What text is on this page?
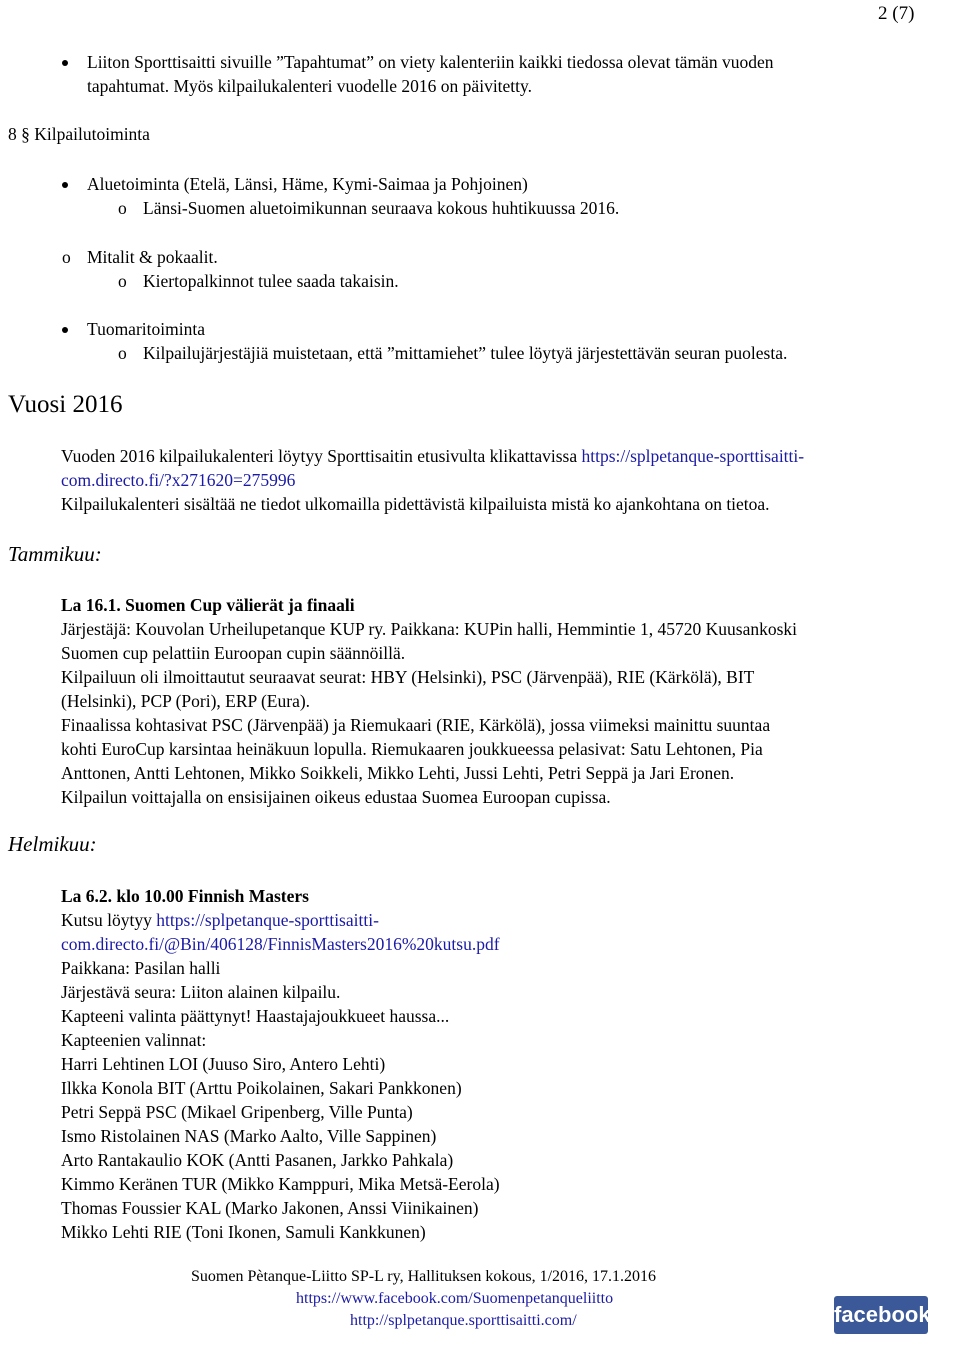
2 (7)
Liiton Sporttisaitti sivuille ”Tapahtumat” on viety kalenteriin kaikki tiedossa olevat tämän vuoden
tapahtumat. Myös kilpailukalenteri vuodelle 2016 on päivitetty.
8 § Kilpailutoiminta
Aluetoiminta (Etelä, Länsi, Häme, Kymi-Saimaa ja Pohjoinen)
o Länsi-Suomen aluetoimikunnan seuraava kokous huhtikuussa 2016.
o Mitalit & pokaalit.
o Kiertopalkinnot tulee saada takaisin.
Tuomaritoiminta
o Kilpailujärjestäjiä muistetaan, että ”mittamiehet” tulee löytyä järjestettävän seuran puolesta.
Vuosi 2016
Vuoden 2016 kilpailukalenteri löytyy Sporttisaitin etusivulta klikattavissa https://splpetanque-sporttisaitti-
com.directo.fi/?x271620=275996
Kilpailukalenteri sisältää ne tiedot ulkomailla pidettävistä kilpailuista mistä ko ajankohtana on tietoa.
Tammikuu:
La 16.1. Suomen Cup välierät ja finaali
Järjestäjä: Kouvolan Urheilupetanque KUP ry. Paikkana: KUPin halli, Hemmintie 1, 45720 Kuusankoski
Suomen cup pelattiin Euroopan cupin säännöillä.
Kilpailuun oli ilmoittautut seuraavat seurat: HBY (Helsinki), PSC (Järvenpää), RIE (Kärkölä), BIT
(Helsinki), PCP (Pori), ERP (Eura).
Finaalissa kohtasivat PSC (Järvenpää) ja Riemukaari (RIE, Kärkölä), jossa viimeksi mainittu suuntaa
kohti EuroCup karsintaa heinäkuun lopulla. Riemukaaren joukkueessa pelasivat: Satu Lehtonen, Pia
Anttonen, Antti Lehtonen, Mikko Soikkeli, Mikko Lehti, Jussi Lehti, Petri Seppä ja Jari Eronen.
Kilpailun voittajalla on ensisijainen oikeus edustaa Suomea Euroopan cupissa.
Helmikuu:
La 6.2. klo 10.00 Finnish Masters
Kutsu löytyy https://splpetanque-sporttisaitti-
com.directo.fi/@Bin/406128/FinnisMasters2016%20kutsu.pdf
Paikkana: Pasilan halli
Järjestävä seura: Liiton alainen kilpailu.
Kapteeni valinta päättynyt! Haastajajoukkueet haussa...
Kapteenien valinnat:
Harri Lehtinen LOI (Juuso Siro, Antero Lehti)
Ilkka Konola BIT (Arttu Poikolainen, Sakari Pankkonen)
Petri Seppä PSC (Mikael Gripenberg, Ville Punta)
Ismo Ristolainen NAS (Marko Aalto, Ville Sappinen)
Arto Rantakaulio KOK (Antti Pasanen, Jarkko Pahkala)
Kimmo Keränen TUR (Mikko Kamppuri, Mika Metsä-Eerola)
Thomas Foussier KAL (Marko Jakonen, Anssi Viinikainen)
Mikko Lehti RIE (Toni Ikonen, Samuli Kankkunen)
Suomen Pètanque-Liitto SP-L ry, Hallituksen kokous, 1/2016, 17.1.2016
https://www.facebook.com/Suomenpetanqueliitto
http://splpetanque.sporttisaitti.com/	facebook
